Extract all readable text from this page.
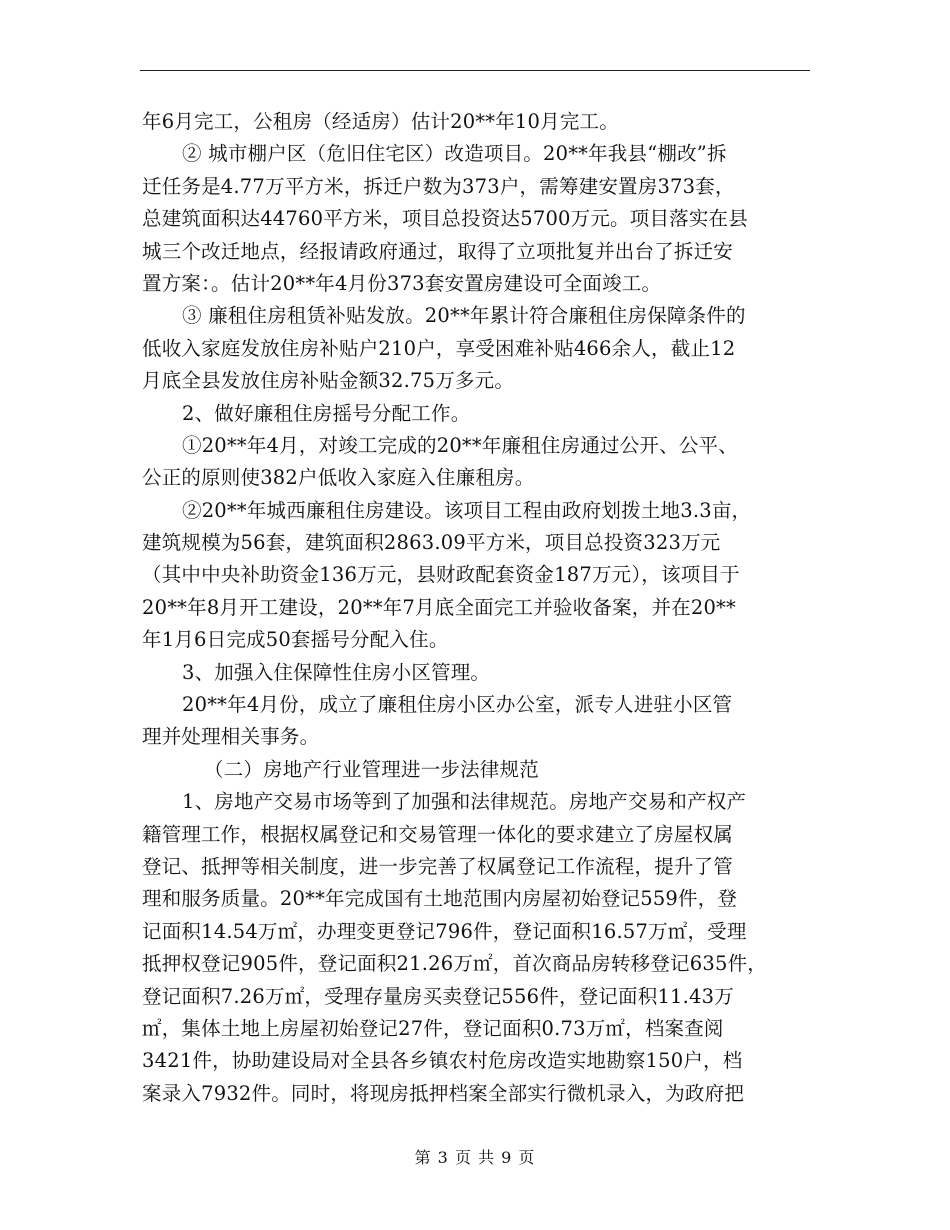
年6月完工，公租房（经适房）估计20**年10月完工。
② 城市棚户区（危旧住宅区）改造项目。20**年我县“棚改”拆
迁任务是4.77万平方米，拆迁户数为373户，需筹建安置房373套，
总建筑面积达44760平方米，项目总投资达5700万元。项目落实在县
城三个改迁地点，经报请政府通过，取得了立项批复并出台了拆迁安
置方案：。估计20**年4月份373套安置房建设可全面竣工。
③ 廉租住房租赁补贴发放。20**年累计符合廉租住房保障条件的
低收入家庭发放住房补贴户210户，享受困难补贴466余人，截止12
月底全县发放住房补贴金额32.75万多元。
2、做好廉租住房摇号分配工作。
①20**年4月，对竣工完成的20**年廉租住房通过公开、公平、
公正的原则使382户低收入家庭入住廉租房。
②20**年城西廉租住房建设。该项目工程由政府划拨土地3.3亩，
建筑规模为56套，建筑面积2863.09平方米，项目总投资323万元
（其中中央补助资金136万元，县财政配套资金187万元），该项目于
20**年8月开工建设，20**年7月底全面完工并验收备案，并在20**
年1月6日完成50套摇号分配入住。
3、加强入住保障性住房小区管理。
20**年4月份，成立了廉租住房小区办公室，派专人进驻小区管
理并处理相关事务。
（二）房地产行业管理进一步法律规范
1、房地产交易市场等到了加强和法律规范。房地产交易和产权产
籍管理工作，根据权属登记和交易管理一体化的要求建立了房屋权属
登记、抵押等相关制度，进一步完善了权属登记工作流程，提升了管
理和服务质量。20**年完成国有土地范围内房屋初始登记559件，登
记面积14.54万㎡，办理变更登记796件，登记面积16.57万㎡，受理
抵押权登记905件，登记面积21.26万㎡，首次商品房转移登记635件，
登记面积7.26万㎡，受理存量房买卖登记556件，登记面积11.43万
㎡，集体土地上房屋初始登记27件，登记面积0.73万㎡，档案查阅
3421件，协助建设局对全县各乡镇农村危房改造实地勘察150户，档
案录入7932件。同时，将现房抵押档案全部实行微机录入，为政府把
第 3 页 共 9 页
